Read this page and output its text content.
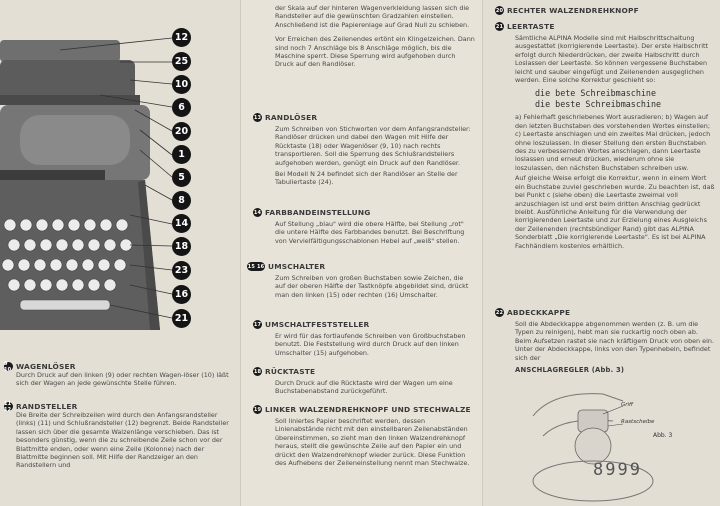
12
25
10
6
20
1
5
8
14
18
23
16
21

9 10 WAGENLÖSER

Durch Druck auf den linken (9) oder rechten Wagen-löser (10) läßt sich der Wagen an jede gewünschte Stelle führen.

11 12 RANDSTELLER

Die Breite der Schreibzeilen wird durch den Anfangsrandsteller (links) (11) und Schlußrandsteller (12) begrenzt. Beide Randsteller lassen sich über die gesamte Walzenlänge verschieben. Das ist besonders günstig, wenn die zu schreibende Zeile schon vor der Blattmitte enden, oder wenn eine Zeile (Kolonne) nach der Blattmitte beginnen soll. Mit Hilfe der Randzeiger an den Randstellern und

der Skala auf der hinteren Wagenverkleidung lassen sich die Randsteller auf die gewünschten Gradzahlen einstellen. Anschließend ist die Papierenlage auf Grad Null zu schieben.

Vor Erreichen des Zeilenendes ertönt ein Klingelzeichen. Dann sind noch 7 Anschläge bis 8 Anschläge möglich, bis die Maschine sperrt. Diese Sperrung wird aufgehoben durch Druck auf den Randlöser.

13 RANDLÖSER

Zum Schreiben von Stichworten vor dem Anfangsrandsteller: Randlöser drücken und dabei den Wagen mit Hilfe der Rücktaste (18) oder Wagenlöser (9, 10) nach rechts transportieren. Soll die Sperrung des Schlußrandstellers aufgehoben werden, genügt ein Druck auf den Randlöser.

Bei Modell N 24 befindet sich der Randlöser an Stelle der Tabuliertaste (24).

14 FARBBANDEINSTELLUNG

Auf Stellung „blau" wird die obere Hälfte, bei Stellung „rot" die untere Hälfte des Farbbandes benutzt. Bei Beschriftung von Vervielfältigungsschablonen Hebel auf „weiß" stellen.

15 16 UMSCHALTER

Zum Schreiben von großen Buchstaben sowie Zeichen, die auf der oberen Hälfte der Tastknöpfe abgebildet sind, drückt man den linken (15) oder rechten (16) Umschalter.

17 UMSCHALTFESTSTELLER

Er wird für das fortlaufende Schreiben von Großbuchstaben benutzt. Die Feststellung wird durch Druck auf den linken Umschalter (15) aufgehoben.

18 RÜCKTASTE

Durch Druck auf die Rücktaste wird der Wagen um eine Buchstabenabstand zurückgeführt.

19 LINKER WALZENDREHKNOPF UND STECHWALZE

Soll liniertes Papier beschriftet werden, dessen Linienabstände nicht mit den einstellbaren Zeilenabständen übereinstimmen, so zieht man den linken Walzendrehknopf heraus, stellt die gewünschte Zeile auf den Papier ein und drückt den Walzendrehknopf wieder zurück. Diese Funktion des Aufhebens der Zeileneinstellung nennt man Stechwalze.

20 RECHTER WALZENDREHKNOPF

21 LEERTASTE

Sämtliche ALPINA Modelle sind mit Halbschrittschaltung ausgestattet (korrigierende Leertaste). Der erste Halbschritt erfolgt durch Niederdrücken, der zweite Halbschritt durch Loslassen der Leertaste. So können vergessene Buchstaben leicht und sauber eingefügt und Zeilenenden ausgeglichen werden. Eine solche Korrektur geschieht so:

die bete Schreibmaschine

die beste Schreibmaschine

a) Fehlerhaft geschriebenes Wort ausradieren; b) Wagen auf den letzten Buchstaben des vorstehenden Wortes einstellen; c) Leertaste anschlagen und ein zweites Mal drücken, jedoch ohne loszulassen. In dieser Stellung den ersten Buchstaben des zu verbessernden Wortes anschlagen, dann Leertaste loslassen und erneut drücken, wiederum ohne sie loszulassen, den nächsten Buchstaben schreiben usw.

Auf gleiche Weise erfolgt die Korrektur, wenn in einem Wort ein Buchstabe zuviel geschrieben wurde. Zu beachten ist, daß bei Punkt c (siehe oben) die Leertaste zweimal voll anzuschlagen ist und erst beim dritten Anschlag gedrückt bleibt. Ausführliche Anleitung für die Verwendung der korrigierenden Leertaste und zur Erzielung eines Ausgleichs der Zeilenenden (rechtsbündiger Rand) gibt das ALPINA Sonderblatt „Die korrigierende Leertaste". Es ist bei ALPINA Fachhändlern kostenlos erhältlich.

22 ABDECKKAPPE

Soll die Abdeckkappe abgenommen werden (z. B. um die Typen zu reinigen), hebt man sie ruckartig noch oben ab. Beim Aufsetzen rastet sie nach kräftigem Druck von oben ein. Unter der Abdeckkappe, links von den Typenhebeln, befindet sich der

ANSCHLAGREGLER (Abb. 3)

Griff
Rastscheibe
Abb. 3
8999
